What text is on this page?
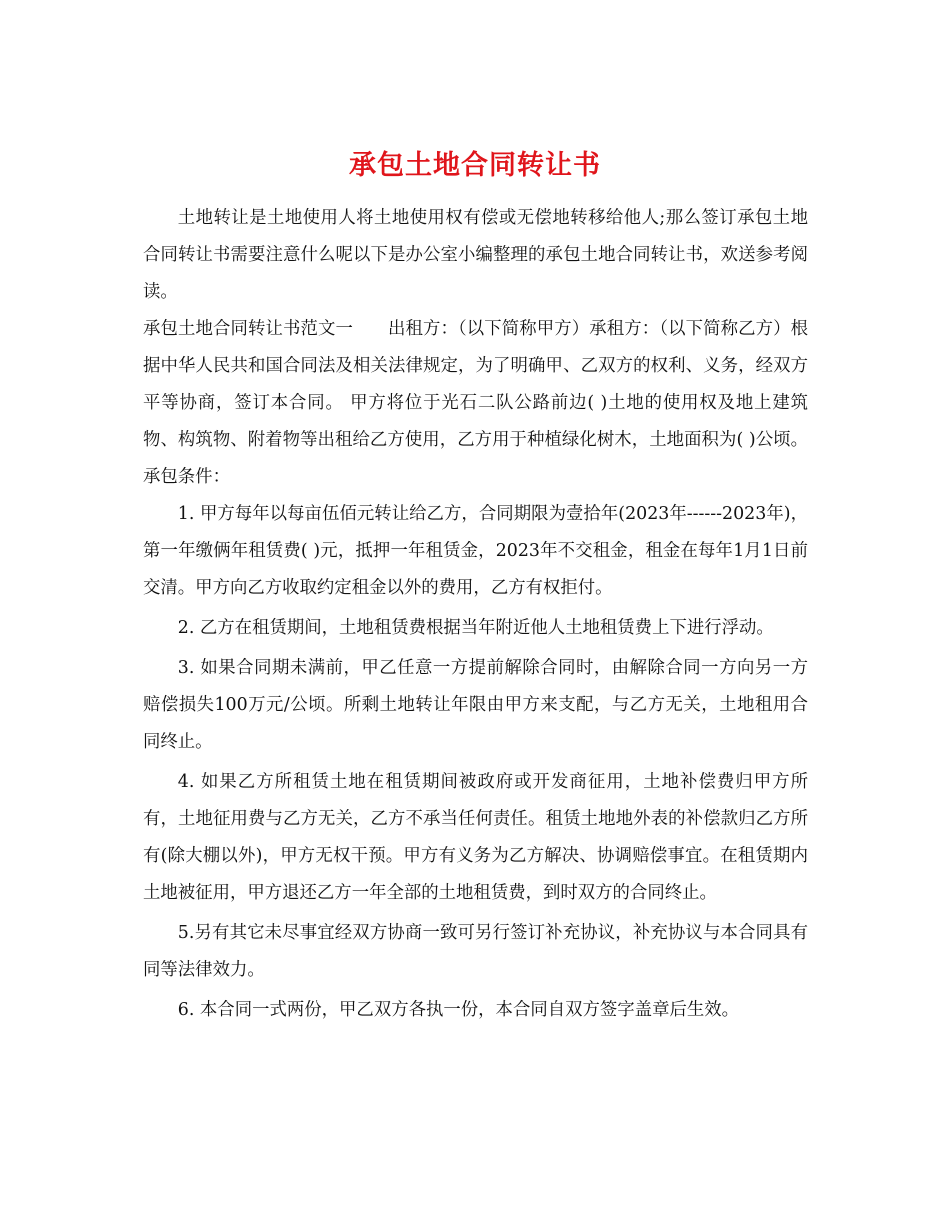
承包土地合同转让书

土地转让是土地使用人将土地使用权有偿或无偿地转移给他人;那么签订承包土地合同转让书需要注意什么呢以下是办公室小编整理的承包土地合同转让书，欢送参考阅读。

承包土地合同转让书范文一　　出租方：（以下简称甲方）承租方：（以下简称乙方）根据中华人民共和国合同法及相关法律规定，为了明确甲、乙双方的权利、义务，经双方平等协商，签订本合同。 甲方将位于光石二队公路前边( )土地的使用权及地上建筑物、构筑物、附着物等出租给乙方使用，乙方用于种植绿化树木，土地面积为( )公顷。 承包条件：

1. 甲方每年以每亩伍佰元转让给乙方，合同期限为壹拾年(2023年------2023年)，第一年缴俩年租赁费( )元，抵押一年租赁金，2023年不交租金，租金在每年1月1日前交清。甲方向乙方收取约定租金以外的费用，乙方有权拒付。

2. 乙方在租赁期间，土地租赁费根据当年附近他人土地租赁费上下进行浮动。

3. 如果合同期未满前，甲乙任意一方提前解除合同时，由解除合同一方向另一方赔偿损失100万元/公顷。所剩土地转让年限由甲方来支配，与乙方无关，土地租用合同终止。

4. 如果乙方所租赁土地在租赁期间被政府或开发商征用，土地补偿费归甲方所有，土地征用费与乙方无关，乙方不承当任何责任。租赁土地地外表的补偿款归乙方所有(除大棚以外)，甲方无权干预。甲方有义务为乙方解决、协调赔偿事宜。在租赁期内土地被征用，甲方退还乙方一年全部的土地租赁费，到时双方的合同终止。

5.另有其它未尽事宜经双方协商一致可另行签订补充协议，补充协议与本合同具有同等法律效力。

6. 本合同一式两份，甲乙双方各执一份，本合同自双方签字盖章后生效。
